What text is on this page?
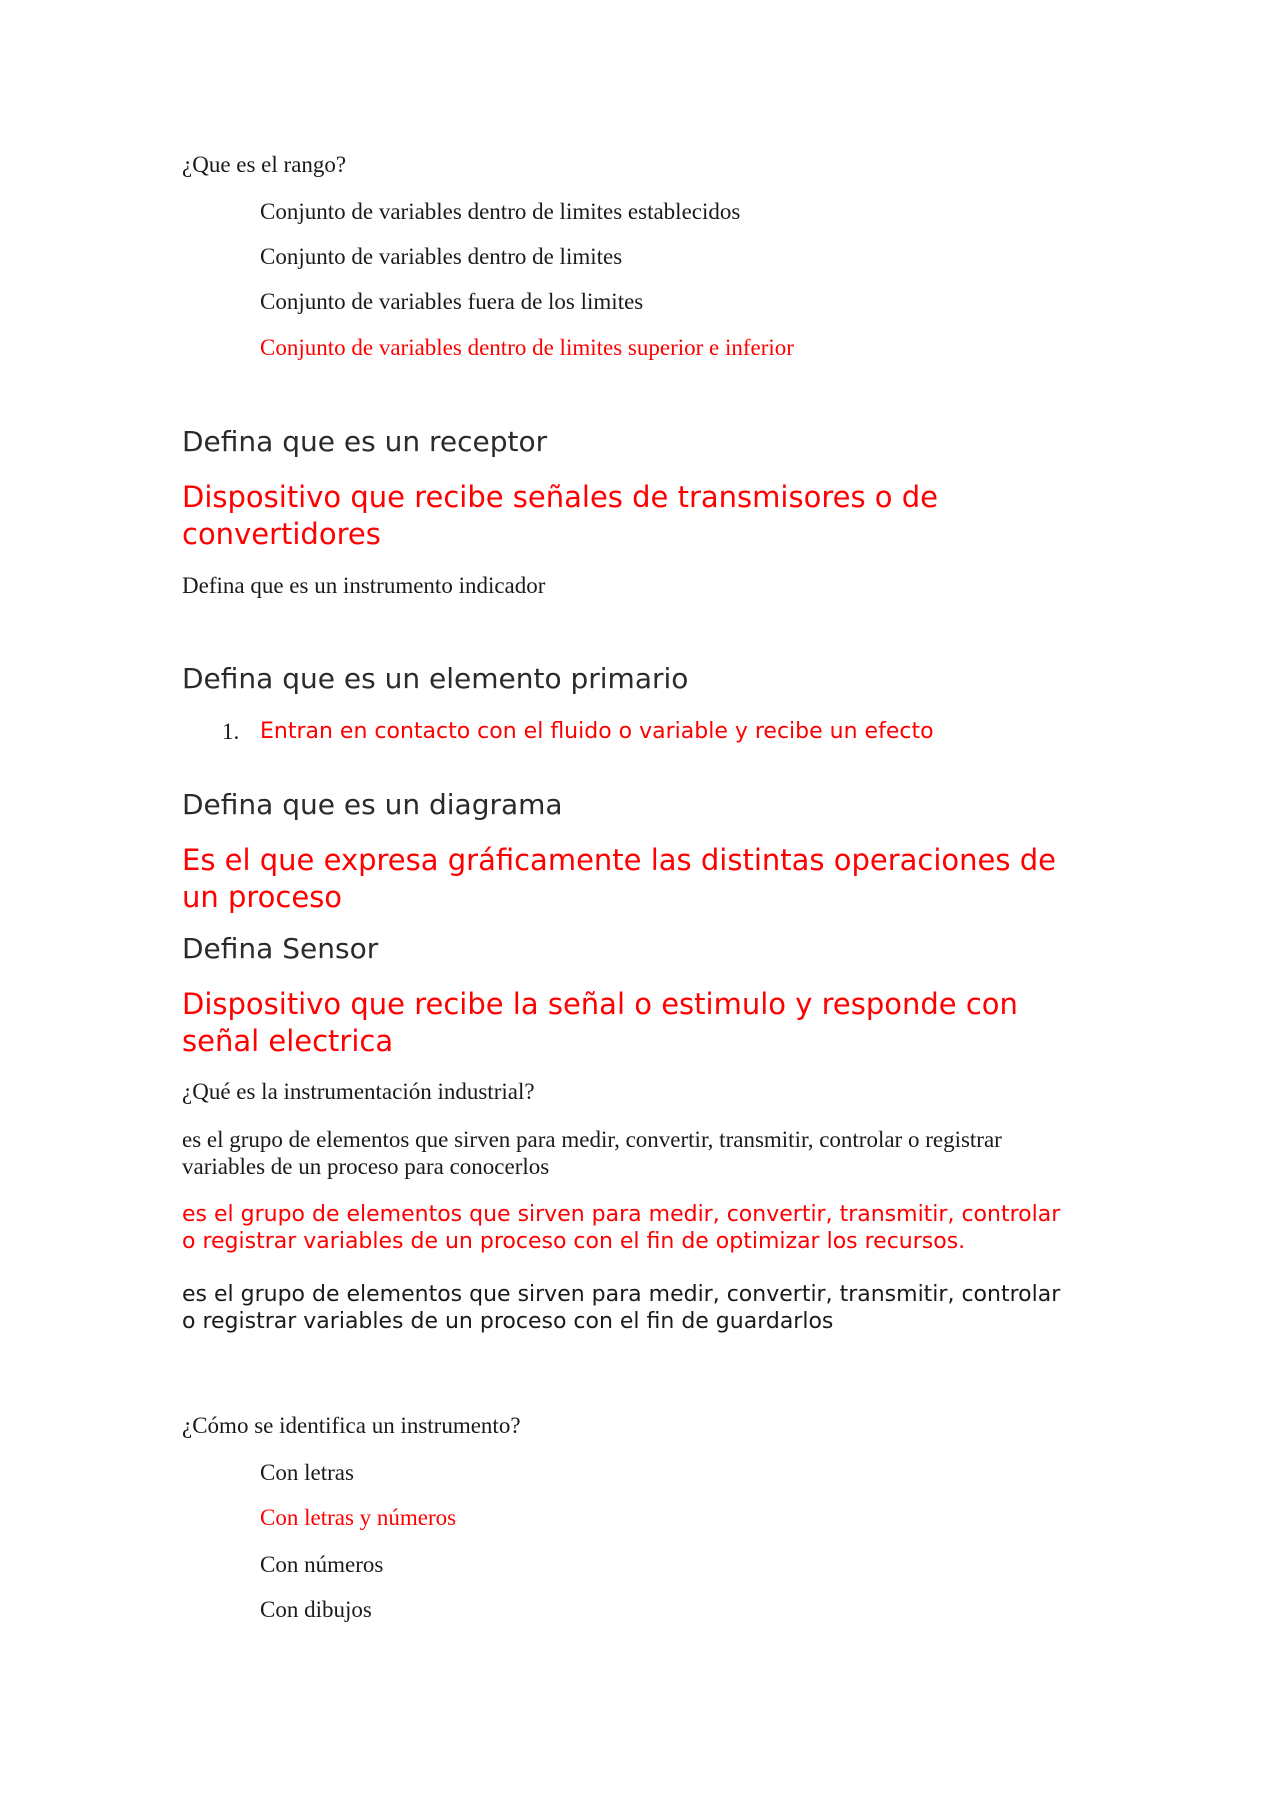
¿Que es el rango?

Conjunto de variables dentro de limites establecidos

Conjunto de variables dentro de limites

Conjunto de variables fuera de los limites

Conjunto de variables dentro de limites superior e inferior

Defina que es un receptor

Dispositivo que recibe señales de transmisores o de

convertidores

Defina que es un instrumento indicador

Defina que es un elemento primario

1. Entran en contacto con el fluido o variable y recibe un efecto

Defina que es un diagrama

Es el que expresa gráficamente las distintas operaciones de

un proceso

Defina Sensor

Dispositivo que recibe la señal o estimulo y responde con

señal electrica

¿Qué es la instrumentación industrial?

es el grupo de elementos que sirven para medir, convertir, transmitir, controlar o registrar

variables de un proceso para conocerlos

es el grupo de elementos que sirven para medir, convertir, transmitir, controlar

o registrar variables de un proceso con el fin de optimizar los recursos.

es el grupo de elementos que sirven para medir, convertir, transmitir, controlar

o registrar variables de un proceso con el fin de guardarlos

¿Cómo se identifica un instrumento?

Con letras

Con letras y números

Con números

Con dibujos
